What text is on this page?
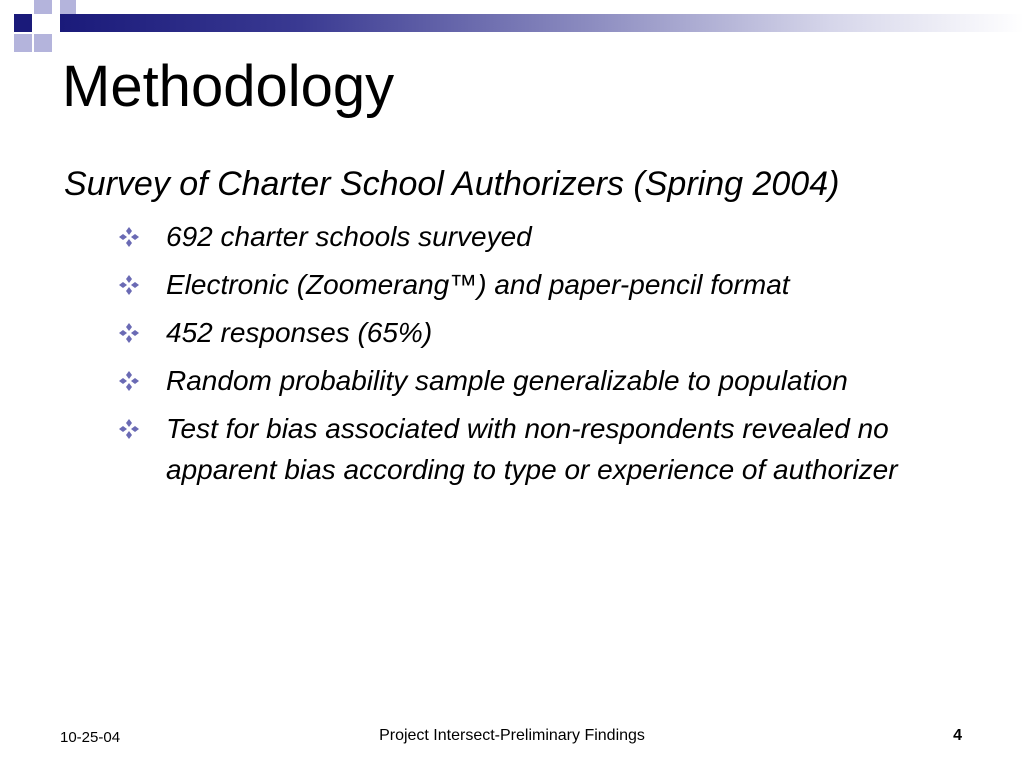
Methodology
Survey of Charter School Authorizers (Spring 2004)
692 charter schools surveyed
Electronic (Zoomerang™) and paper-pencil format
452 responses (65%)
Random probability sample generalizable to population
Test for bias associated with non-respondents revealed no apparent bias according to type or experience of authorizer
10-25-04	Project Intersect-Preliminary Findings	4
